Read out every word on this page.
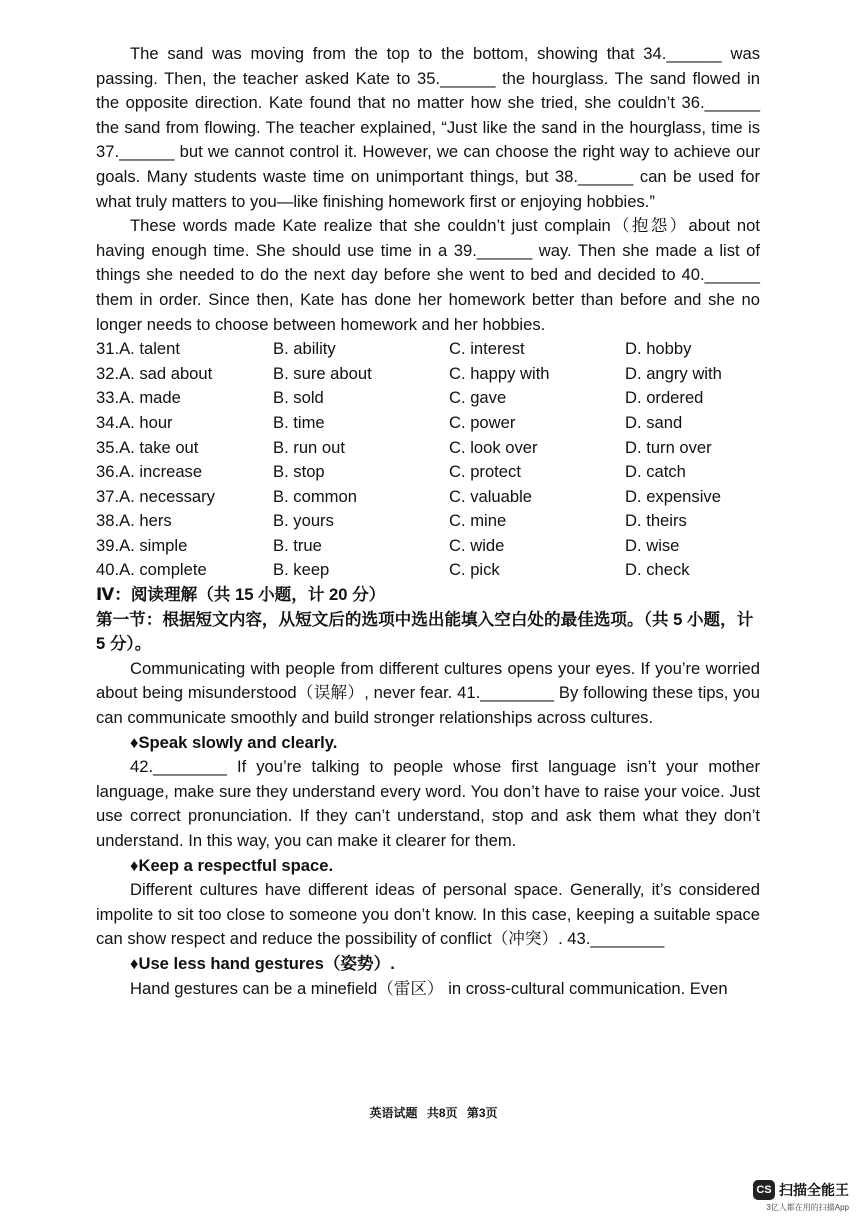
The sand was moving from the top to the bottom, showing that 34.______ was passing. Then, the teacher asked Kate to 35.______ the hourglass. The sand flowed in the opposite direction. Kate found that no matter how she tried, she couldn’t 36.______ the sand from flowing. The teacher explained, “Just like the sand in the hourglass, time is 37.______ but we cannot control it. However, we can choose the right way to achieve our goals. Many students waste time on unimportant things, but 38.______ can be used for what truly matters to you—like finishing homework first or enjoying hobbies.”

These words made Kate realize that she couldn’t just complain（抱怨）about not having enough time. She should use time in a 39.______ way. Then she made a list of things she needed to do the next day before she went to bed and decided to 40.______ them in order. Since then, Kate has done her homework better than before and she no longer needs to choose between homework and her hobbies.

31.A. talent	B. ability	C. interest	D. hobby
32.A. sad about	B. sure about	C. happy with	D. angry with
33.A. made	B. sold	C. gave	D. ordered
34.A. hour	B. time	C. power	D. sand
35.A. take out	B. run out	C. look over	D. turn over
36.A. increase	B. stop	C. protect	D. catch
37.A. necessary	B. common	C. valuable	D. expensive
38.A. hers	B. yours	C. mine	D. theirs
39.A. simple	B. true	C. wide	D. wise
40.A. complete	B. keep	C. pick	D. check
Ⅳ：阅读理解（共 15 小题，计 20 分）
第一节：根据短文内容，从短文后的选项中选出能填入空白处的最佳选项。（共 5 小题，计 5 分）。

Communicating with people from different cultures opens your eyes. If you’re worried about being misunderstood（误解）, never fear. 41.________ By following these tips, you can communicate smoothly and build stronger relationships across cultures.

♦Speak slowly and clearly.

42.________ If you’re talking to people whose first language isn’t your mother language, make sure they understand every word. You don’t have to raise your voice. Just use correct pronunciation. If they can’t understand, stop and ask them what they don’t understand. In this way, you can make it clearer for them.

♦Keep a respectful space.

Different cultures have different ideas of personal space. Generally, it’s considered impolite to sit too close to someone you don’t know. In this case, keeping a suitable space can show respect and reduce the possibility of conflict（冲突）. 43.________

♦Use less hand gestures（姿势）.

Hand gestures can be a minefield（雷区） in cross-cultural communication. Even

英语试题 共8页 第3页
CS 扫描全能王
3亿人都在用的扫描App
